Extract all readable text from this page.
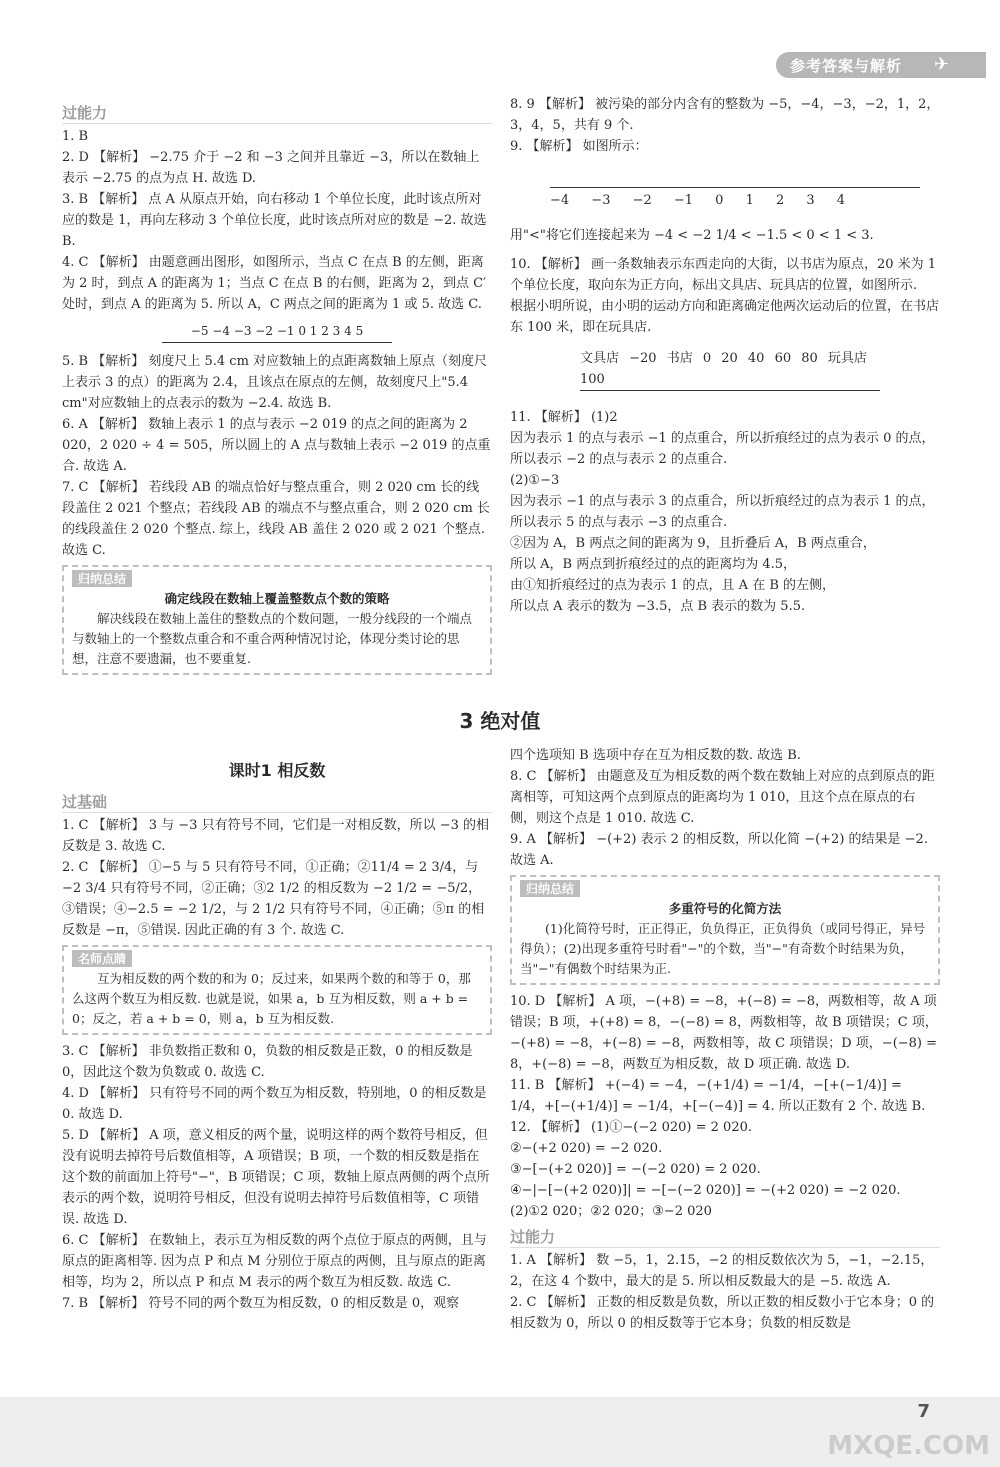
参考答案与解析 ✈
过能力

1. B

2. D 【解析】 −2.75 介于 −2 和 −3 之间并且靠近 −3，所以在数轴上表示 −2.75 的点为点 H. 故选 D.

3. B 【解析】 点 A 从原点开始，向右移动 1 个单位长度，此时该点所对应的数是 1，再向左移动 3 个单位长度，此时该点所对应的数是 −2. 故选 B.

4. C 【解析】 由题意画出图形，如图所示，当点 C 在点 B 的左侧，距离为 2 时，到点 A 的距离为 1；当点 C 在点 B 的右侧，距离为 2，到点 C′处时，到点 A 的距离为 5. 所以 A，C 两点之间的距离为 1 或 5. 故选 C.

−5 −4 −3 −2 −1 0 1 2 3 4 5

5. B 【解析】 刻度尺上 5.4 cm 对应数轴上的点距离数轴上原点（刻度尺上表示 3 的点）的距离为 2.4，且该点在原点的左侧，故刻度尺上"5.4 cm"对应数轴上的点表示的数为 −2.4. 故选 B.

6. A 【解析】 数轴上表示 1 的点与表示 −2 019 的点之间的距离为 2 020，2 020 ÷ 4 = 505，所以圆上的 A 点与数轴上表示 −2 019 的点重合. 故选 A.

7. C 【解析】 若线段 AB 的端点恰好与整点重合，则 2 020 cm 长的线段盖住 2 021 个整点；若线段 AB 的端点不与整点重合，则 2 020 cm 长的线段盖住 2 020 个整点. 综上，线段 AB 盖住 2 020 或 2 021 个整点. 故选 C.

归纳总结
确定线段在数轴上覆盖整数点个数的策略
解决线段在数轴上盖住的整数点的个数问题，一般分线段的一个端点与数轴上的一个整数点重合和不重合两种情况讨论，体现分类讨论的思想，注意不要遗漏，也不要重复.

8. 9 【解析】 被污染的部分内含有的整数为 −5，−4，−3，−2，1，2，3，4，5，共有 9 个.

9. 【解析】 如图所示：

−4 −3 −2 −1 0 1 2 3 4

用"<"将它们连接起来为 −4 < −2 1/4 < −1.5 < 0 < 1 < 3.

10. 【解析】 画一条数轴表示东西走向的大街，以书店为原点，20 米为 1 个单位长度，取向东为正方向，标出文具店、玩具店的位置，如图所示.

根据小明所说，由小明的运动方向和距离确定他两次运动后的位置，在书店东 100 米，即在玩具店.

文具店 −20 书店 0 20 40 60 80 玩具店 100

11. 【解析】 (1)2

因为表示 1 的点与表示 −1 的点重合，所以折痕经过的点为表示 0 的点，所以表示 −2 的点与表示 2 的点重合.

(2)①−3

因为表示 −1 的点与表示 3 的点重合，所以折痕经过的点为表示 1 的点，所以表示 5 的点与表示 −3 的点重合.

②因为 A，B 两点之间的距离为 9，且折叠后 A，B 两点重合，

所以 A，B 两点到折痕经过的点的距离均为 4.5，

由①知折痕经过的点为表示 1 的点，且 A 在 B 的左侧，

所以点 A 表示的数为 −3.5，点 B 表示的数为 5.5.

3 绝对值
课时1 相反数
过基础

1. C 【解析】 3 与 −3 只有符号不同，它们是一对相反数，所以 −3 的相反数是 3. 故选 C.

2. C 【解析】 ①−5 与 5 只有符号不同，①正确；②11/4 = 2 3/4，与 −2 3/4 只有符号不同，②正确；③2 1/2 的相反数为 −2 1/2 = −5/2，③错误；④−2.5 = −2 1/2，与 2 1/2 只有符号不同，④正确；⑤π 的相反数是 −π，⑤错误. 因此正确的有 3 个. 故选 C.

名师点睛
互为相反数的两个数的和为 0；反过来，如果两个数的和等于 0，那么这两个数互为相反数. 也就是说，如果 a，b 互为相反数，则 a + b = 0；反之，若 a + b = 0，则 a，b 互为相反数.

3. C 【解析】 非负数指正数和 0，负数的相反数是正数，0 的相反数是 0，因此这个数为负数或 0. 故选 C.

4. D 【解析】 只有符号不同的两个数互为相反数，特别地，0 的相反数是 0. 故选 D.

5. D 【解析】 A 项，意义相反的两个量，说明这样的两个数符号相反，但没有说明去掉符号后数值相等，A 项错误；B 项，一个数的相反数是指在这个数的前面加上符号"−"，B 项错误；C 项，数轴上原点两侧的两个点所表示的两个数，说明符号相反，但没有说明去掉符号后数值相等，C 项错误. 故选 D.

6. C 【解析】 在数轴上，表示互为相反数的两个点位于原点的两侧，且与原点的距离相等. 因为点 P 和点 M 分别位于原点的两侧，且与原点的距离相等，均为 2，所以点 P 和点 M 表示的两个数互为相反数. 故选 C.

7. B 【解析】 符号不同的两个数互为相反数，0 的相反数是 0，观察

四个选项知 B 选项中存在互为相反数的数. 故选 B.

8. C 【解析】 由题意及互为相反数的两个数在数轴上对应的点到原点的距离相等，可知这两个点到原点的距离均为 1 010，且这个点在原点的右侧，则这个点是 1 010. 故选 C.

9. A 【解析】 −(+2) 表示 2 的相反数，所以化简 −(+2) 的结果是 −2. 故选 A.

归纳总结
多重符号的化简方法
(1)化简符号时，正正得正，负负得正，正负得负（或同号得正，异号得负）；(2)出现多重符号时看"−"的个数，当"−"有奇数个时结果为负，当"−"有偶数个时结果为正.

10. D 【解析】 A 项，−(+8) = −8，+(−8) = −8，两数相等，故 A 项错误；B 项，+(+8) = 8，−(−8) = 8，两数相等，故 B 项错误；C 项，−(+8) = −8，+(−8) = −8，两数相等，故 C 项错误；D 项，−(−8) = 8，+(−8) = −8，两数互为相反数，故 D 项正确. 故选 D.

11. B 【解析】 +(−4) = −4，−(+1/4) = −1/4，−[+(−1/4)] = 1/4，+[−(+1/4)] = −1/4，+[−(−4)] = 4. 所以正数有 2 个. 故选 B.

12. 【解析】 (1)①−(−2 020) = 2 020.

②−(+2 020) = −2 020.

③−[−(+2 020)] = −(−2 020) = 2 020.

④−|−[−(+2 020)]| = −[−(−2 020)] = −(+2 020) = −2 020.

(2)①2 020；②2 020；③−2 020

过能力

1. A 【解析】 数 −5，1，2.15，−2 的相反数依次为 5，−1，−2.15，2，在这 4 个数中，最大的是 5. 所以相反数最大的是 −5. 故选 A.

2. C 【解析】 正数的相反数是负数，所以正数的相反数小于它本身；0 的相反数为 0，所以 0 的相反数等于它本身；负数的相反数是

7
MXQE.COM
